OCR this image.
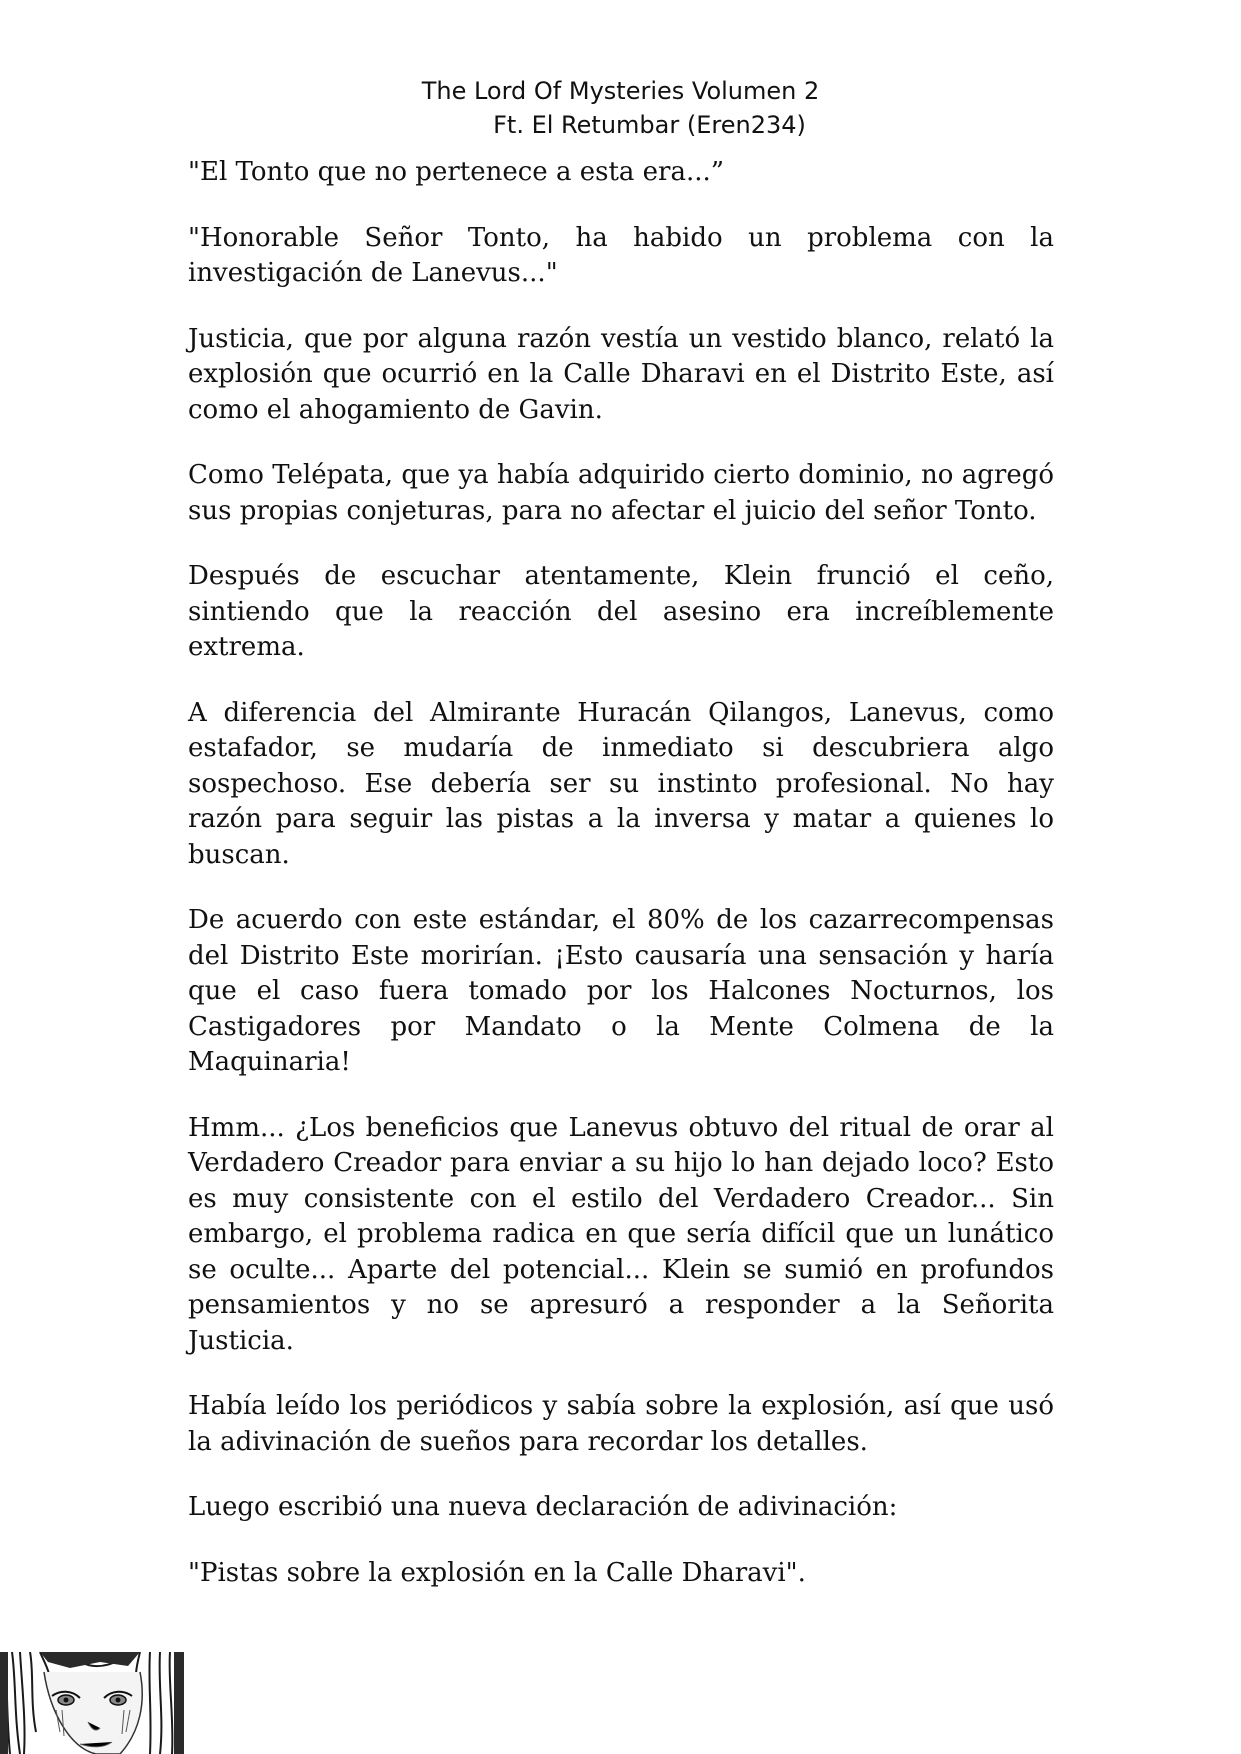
The Lord Of Mysteries Volumen 2
Ft. El Retumbar (Eren234)

"El Tonto que no pertenece a esta era...”

"Honorable Señor Tonto, ha habido un problema con la investigación de Lanevus..."

Justicia, que por alguna razón vestía un vestido blanco, relató la explosión que ocurrió en la Calle Dharavi en el Distrito Este, así como el ahogamiento de Gavin.

Como Telépata, que ya había adquirido cierto dominio, no agregó sus propias conjeturas, para no afectar el juicio del señor Tonto.

Después de escuchar atentamente, Klein frunció el ceño, sintiendo que la reacción del asesino era increíblemente extrema.

A diferencia del Almirante Huracán Qilangos, Lanevus, como estafador, se mudaría de inmediato si descubriera algo sospechoso. Ese debería ser su instinto profesional. No hay razón para seguir las pistas a la inversa y matar a quienes lo buscan.

De acuerdo con este estándar, el 80% de los cazarrecompensas del Distrito Este morirían. ¡Esto causaría una sensación y haría que el caso fuera tomado por los Halcones Nocturnos, los Castigadores por Mandato o la Mente Colmena de la Maquinaria!

Hmm... ¿Los beneficios que Lanevus obtuvo del ritual de orar al Verdadero Creador para enviar a su hijo lo han dejado loco? Esto es muy consistente con el estilo del Verdadero Creador... Sin embargo, el problema radica en que sería difícil que un lunático se oculte... Aparte del potencial... Klein se sumió en profundos pensamientos y no se apresuró a responder a la Señorita Justicia.

Había leído los periódicos y sabía sobre la explosión, así que usó la adivinación de sueños para recordar los detalles.

Luego escribió una nueva declaración de adivinación:

"Pistas sobre la explosión en la Calle Dharavi".
